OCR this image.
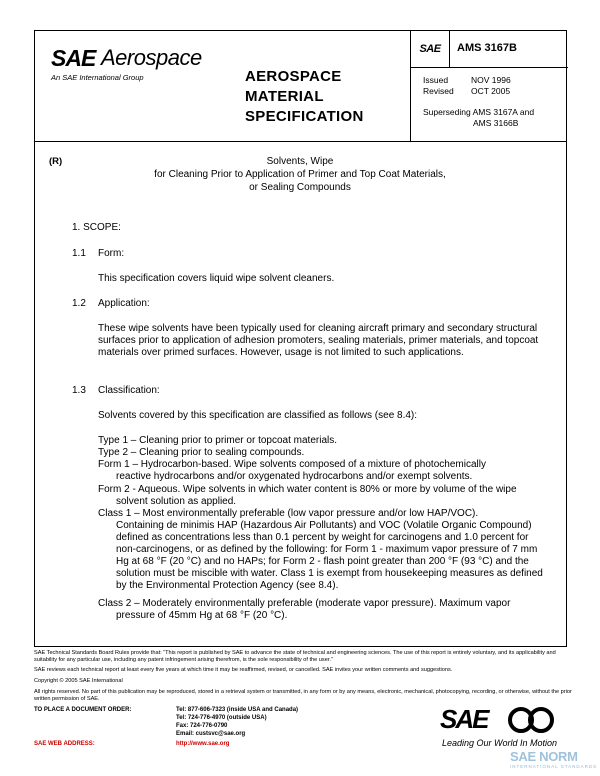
SAE Aerospace
An SAE International Group	AEROSPACE
MATERIAL
SPECIFICATION
SAE	AMS 3167B
Issued	NOV 1996
Revised OCT 2005
Superseding AMS 3167A and
AMS 3166B
(R)	Solvents, Wipe
for Cleaning Prior to Application of Primer and Top Coat Materials,
or Sealing Compounds
1. SCOPE:
1.1 Form:
This specification covers liquid wipe solvent cleaners.
1.2 Application:
These wipe solvents have been typically used for cleaning aircraft primary and secondary structural surfaces prior to application of adhesion promoters, sealing materials, primer materials, and topcoat materials over primed surfaces. However, usage is not limited to such applications.
1.3 Classification:
Solvents covered by this specification are classified as follows (see 8.4):
Type 1 – Cleaning prior to primer or topcoat materials.
Type 2 – Cleaning prior to sealing compounds.
Form 1 – Hydrocarbon-based. Wipe solvents composed of a mixture of photochemically
reactive hydrocarbons and/or oxygenated hydrocarbons and/or exempt solvents.
Form 2 - Aqueous. Wipe solvents in which water content is 80% or more by volume of the wipe
solvent solution as applied.
Class 1 – Most environmentally preferable (low vapor pressure and/or low HAP/VOC).
Containing de minimis HAP (Hazardous Air Pollutants) and VOC (Volatile Organic Compound) defined as concentrations less than 0.1 percent by weight for carcinogens and 1.0 percent for non-carcinogens, or as defined by the following: for Form 1 - maximum vapor pressure of 7 mm Hg at 68 °F (20 °C) and no HAPs; for Form 2 - flash point greater than 200 °F (93 °C) and the solution must be miscible with water. Class 1 is exempt from housekeeping measures as defined by the Environmental Protection Agency (see 8.4).
Class 2 – Moderately environmentally preferable (moderate vapor pressure). Maximum vapor
pressure of 45mm Hg at 68 °F (20 °C).
SAE Technical Standards Board Rules provide that: “This report is published by SAE to advance the state of technical and engineering sciences. The use of this report is entirely voluntary, and its applicability and suitability for any particular use, including any patent infringement arising therefrom, is the sole responsibility of the user.”
SAE reviews each technical report at least every five years at which time it may be reaffirmed, revised, or cancelled. SAE invites your written comments and suggestions.
Copyright © 2005 SAE International
All rights reserved. No part of this publication may be reproduced, stored in a retrieval system or transmitted, in any form or by any means, electronic, mechanical, photocopying, recording, or otherwise, without the prior written permission of SAE.
TO PLACE A DOCUMENT ORDER:	Tel: 877-606-7323 (inside USA and Canada)
Tel: 724-776-4970 (outside USA)
Fax: 724-776-0790
Email: custsvc@sae.org
SAE WEB ADDRESS:	http://www.sae.org
SAE
Leading Our World In Motion
SAE NORM
INTERNATIONAL STANDARDS
